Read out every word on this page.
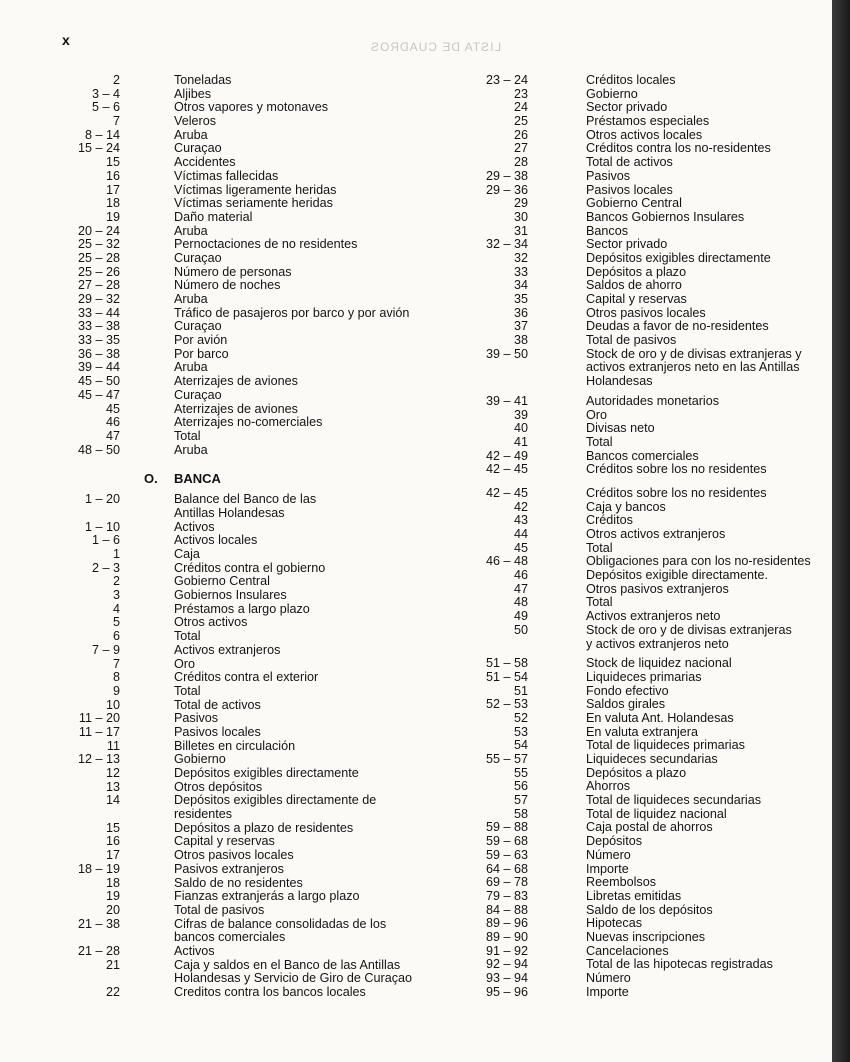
LISTA DE CUADROS
x
2	Toneladas
3 – 4	Aljibes
5 – 6	Otros vapores y motonaves
7	Veleros
8 – 14	Aruba
15 – 24	Curaçao
15	Accidentes
16	Víctimas fallecidas
17	Víctimas ligeramente heridas
18	Víctimas seriamente heridas
19	Daño material
20 – 24	Aruba
25 – 32	Pernoctaciones de no residentes
25 – 28	Curaçao
25 – 26	Número de personas
27 – 28	Número de noches
29 – 32	Aruba
33 – 44	Tráfico de pasajeros por barco y por avión
33 – 38	Curaçao
33 – 35	Por avión
36 – 38	Por barco
39 – 44	Aruba
45 – 50	Aterrizajes de aviones
45 – 47	Curaçao
45	Aterrizajes de aviones
46	Aterrizajes no-comerciales
47	Total
48 – 50	Aruba
O. BANCA
1 – 20	Balance del Banco de las
Antillas Holandesas
1 – 10	Activos
1 – 6	Activos locales
1	Caja
2 – 3	Créditos contra el gobierno
2	Gobierno Central
3	Gobiernos Insulares
4	Préstamos a largo plazo
5	Otros activos
6	Total
7 – 9	Activos extranjeros
7	Oro
8	Créditos contra el exterior
9	Total
10	Total de activos
11 – 20	Pasivos
11 – 17	Pasivos locales
11	Billetes en circulación
12 – 13	Gobierno
12	Depósitos exigibles directamente
13	Otros depósitos
14	Depósitos exigibles directamente de
residentes
15	Depósitos a plazo de residentes
16	Capital y reservas
17	Otros pasivos locales
18 – 19	Pasivos extranjeros
18	Saldo de no residentes
19	Fianzas extranjerás a largo plazo
20	Total de pasivos
21 – 38	Cifras de balance consolidadas de los
bancos comerciales
21 – 28	Activos
21	Caja y saldos en el Banco de las Antillas
Holandesas y Servicio de Giro de Curaçao
22	Creditos contra los bancos locales
23 – 24	Créditos locales
23	Gobierno
24	Sector privado
25	Préstamos especiales
26	Otros activos locales
27	Créditos contra los no-residentes
28	Total de activos
29 – 38	Pasivos
29 – 36	Pasivos locales
29	Gobierno Central
30	Bancos Gobiernos Insulares
31	Bancos
32 – 34	Sector privado
32	Depósitos exigibles directamente
33	Depósitos a plazo
34	Saldos de ahorro
35	Capital y reservas
36	Otros pasivos locales
37	Deudas a favor de no-residentes
38	Total de pasivos
39 – 50	Stock de oro y de divisas extranjeras y
activos extranjeros neto en las Antillas
Holandesas
39 – 41	Autoridades monetarios
39	Oro
40	Divisas neto
41	Total
42 – 49	Bancos comerciales
42 – 45	Créditos sobre los no residentes
42 – 45	Créditos sobre los no residentes
42	Caja y bancos
43	Créditos
44	Otros activos extranjeros
45	Total
46 – 48	Obligaciones para con los no-residentes
46	Depósitos exigible directamente.
47	Otros pasivos extranjeros
48	Total
49	Activos extranjeros neto
50	Stock de oro y de divisas extranjeras
y activos extranjeros neto
51 – 58	Stock de liquidez nacional
51 – 54	Liquideces primarias
51	Fondo efectivo
52 – 53	Saldos girales
52	En valuta Ant. Holandesas
53	En valuta extranjera
54	Total de liquideces primarias
55 – 57	Liquideces secundarias
55	Depósitos a plazo
56	Ahorros
57	Total de liquideces secundarias
58	Total de liquidez nacional
59 – 88	Caja postal de ahorros
59 – 68	Depósitos
59 – 63	Número
64 – 68	Importe
69 – 78	Reembolsos
79 – 83	Libretas emitidas
84 – 88	Saldo de los depósitos
89 – 96	Hipotecas
89 – 90	Nuevas inscripciones
91 – 92	Cancelaciones
92 – 94	Total de las hipotecas registradas
93 – 94	Número
95 – 96	Importe
